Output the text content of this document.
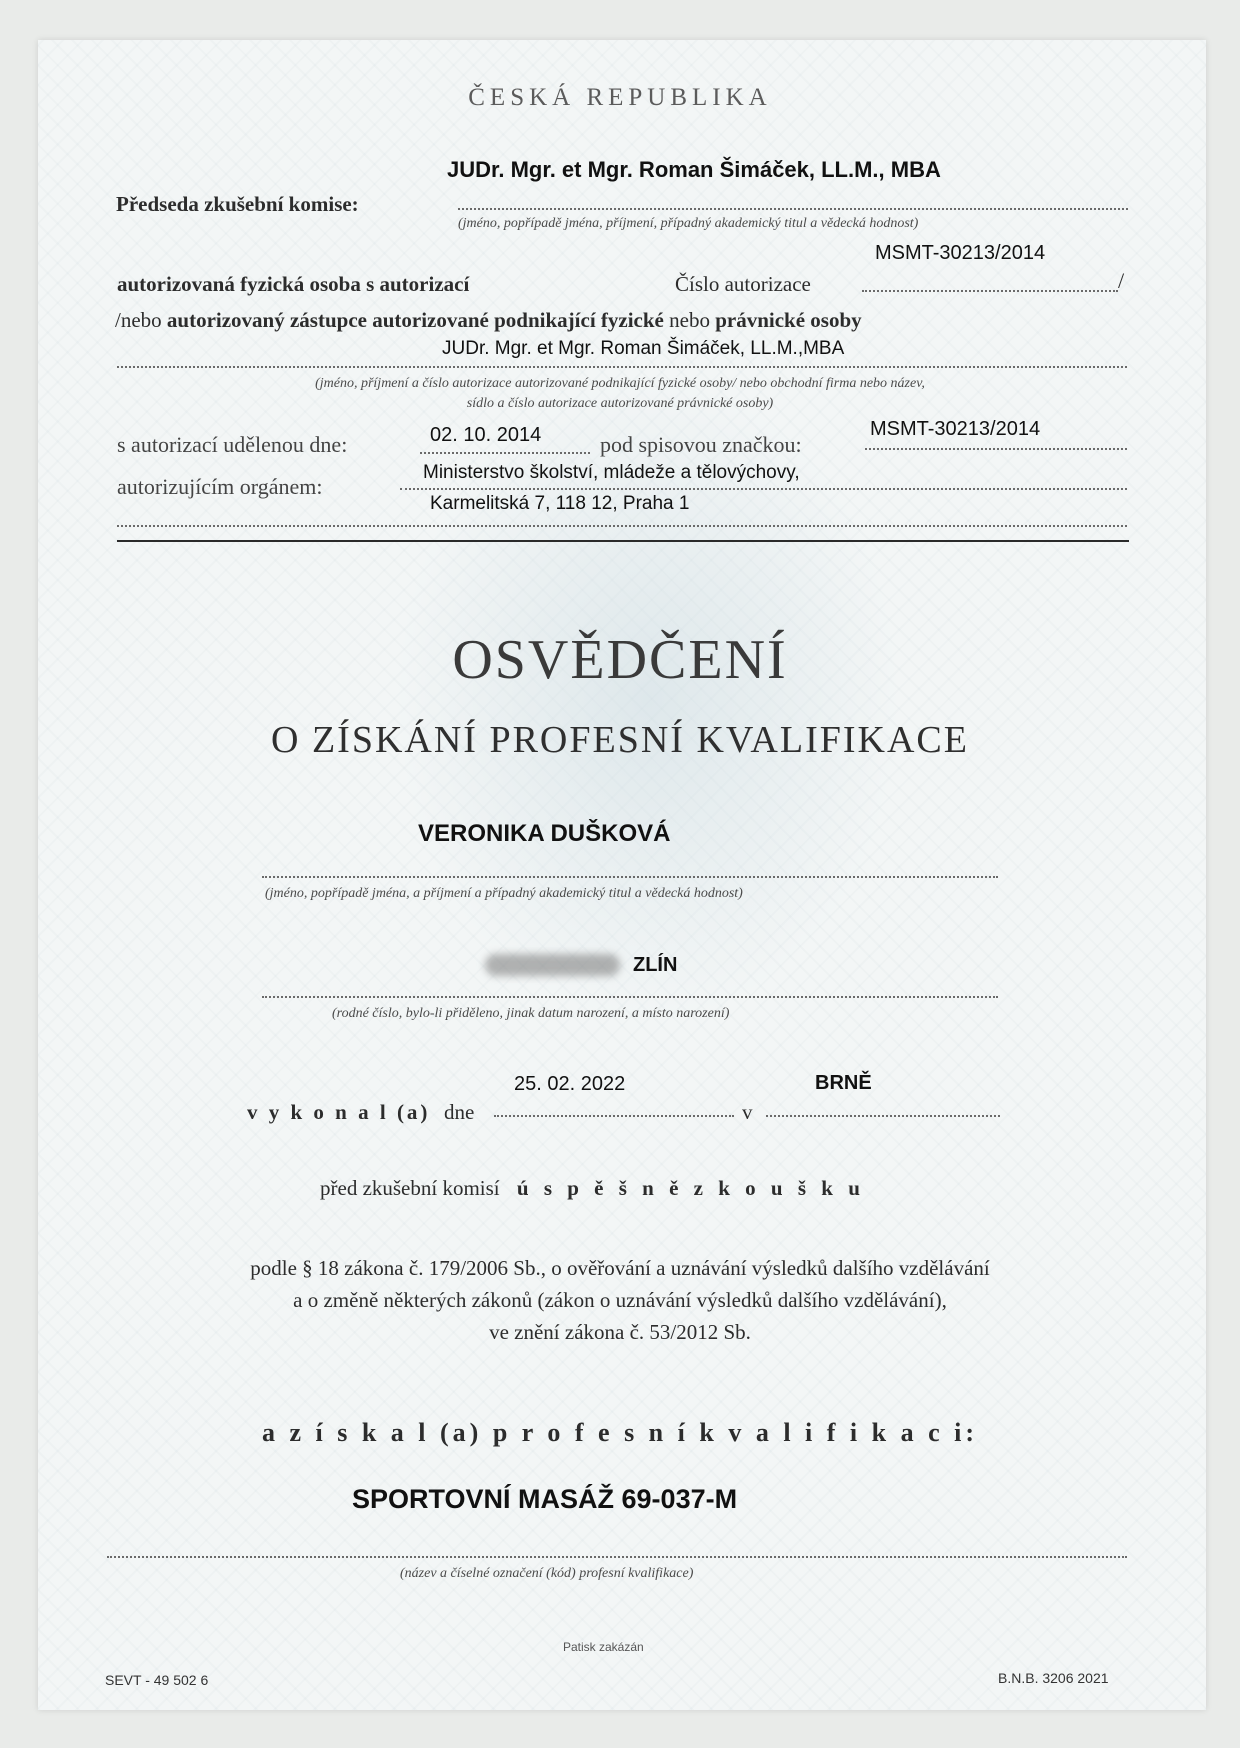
ČESKÁ REPUBLIKA
JUDr. Mgr. et Mgr. Roman Šimáček, LL.M., MBA
Předseda zkušební komise:
(jméno, popřípadě jména, příjmení, případný akademický titul a vědecká hodnost)
MSMT-30213/2014
autorizovaná fyzická osoba s autorizací	Číslo autorizace	/
/nebo autorizovaný zástupce autorizované podnikající fyzické nebo právnické osoby
JUDr. Mgr. et Mgr. Roman Šimáček, LL.M.,MBA
(jméno, příjmení a číslo autorizace autorizované podnikající fyzické osoby/ nebo obchodní firma nebo název,
sídlo a číslo autorizace autorizované právnické osoby)
02. 10. 2014	MSMT-30213/2014
s autorizací udělenou dne:	pod spisovou značkou:
Ministerstvo školství, mládeže a tělovýchovy,
autorizujícím orgánem:
Karmelitská 7, 118 12, Praha 1
OSVĚDČENÍ
O ZÍSKÁNÍ PROFESNÍ KVALIFIKACE
VERONIKA DUŠKOVÁ
(jméno, popřípadě jména, a příjmení a případný akademický titul a vědecká hodnost)
ZLÍN
(rodné číslo, bylo-li přiděleno, jinak datum narození, a místo narození)
25. 02. 2022	BRNĚ
v y k o n a l (a) dne	v
před zkušební komisí ú s p ě š n ě z k o u š k u
podle § 18 zákona č. 179/2006 Sb., o ověřování a uznávání výsledků dalšího vzdělávání
a o změně některých zákonů (zákon o uznávání výsledků dalšího vzdělávání),
ve znění zákona č. 53/2012 Sb.
a z í s k a l (a) p r o f e s n í k v a l i f i k a c i:
SPORTOVNÍ MASÁŽ 69-037-M
(název a číselné označení (kód) profesní kvalifikace)
Patisk zakázán
SEVT - 49 502 6	B.N.B. 3206 2021
